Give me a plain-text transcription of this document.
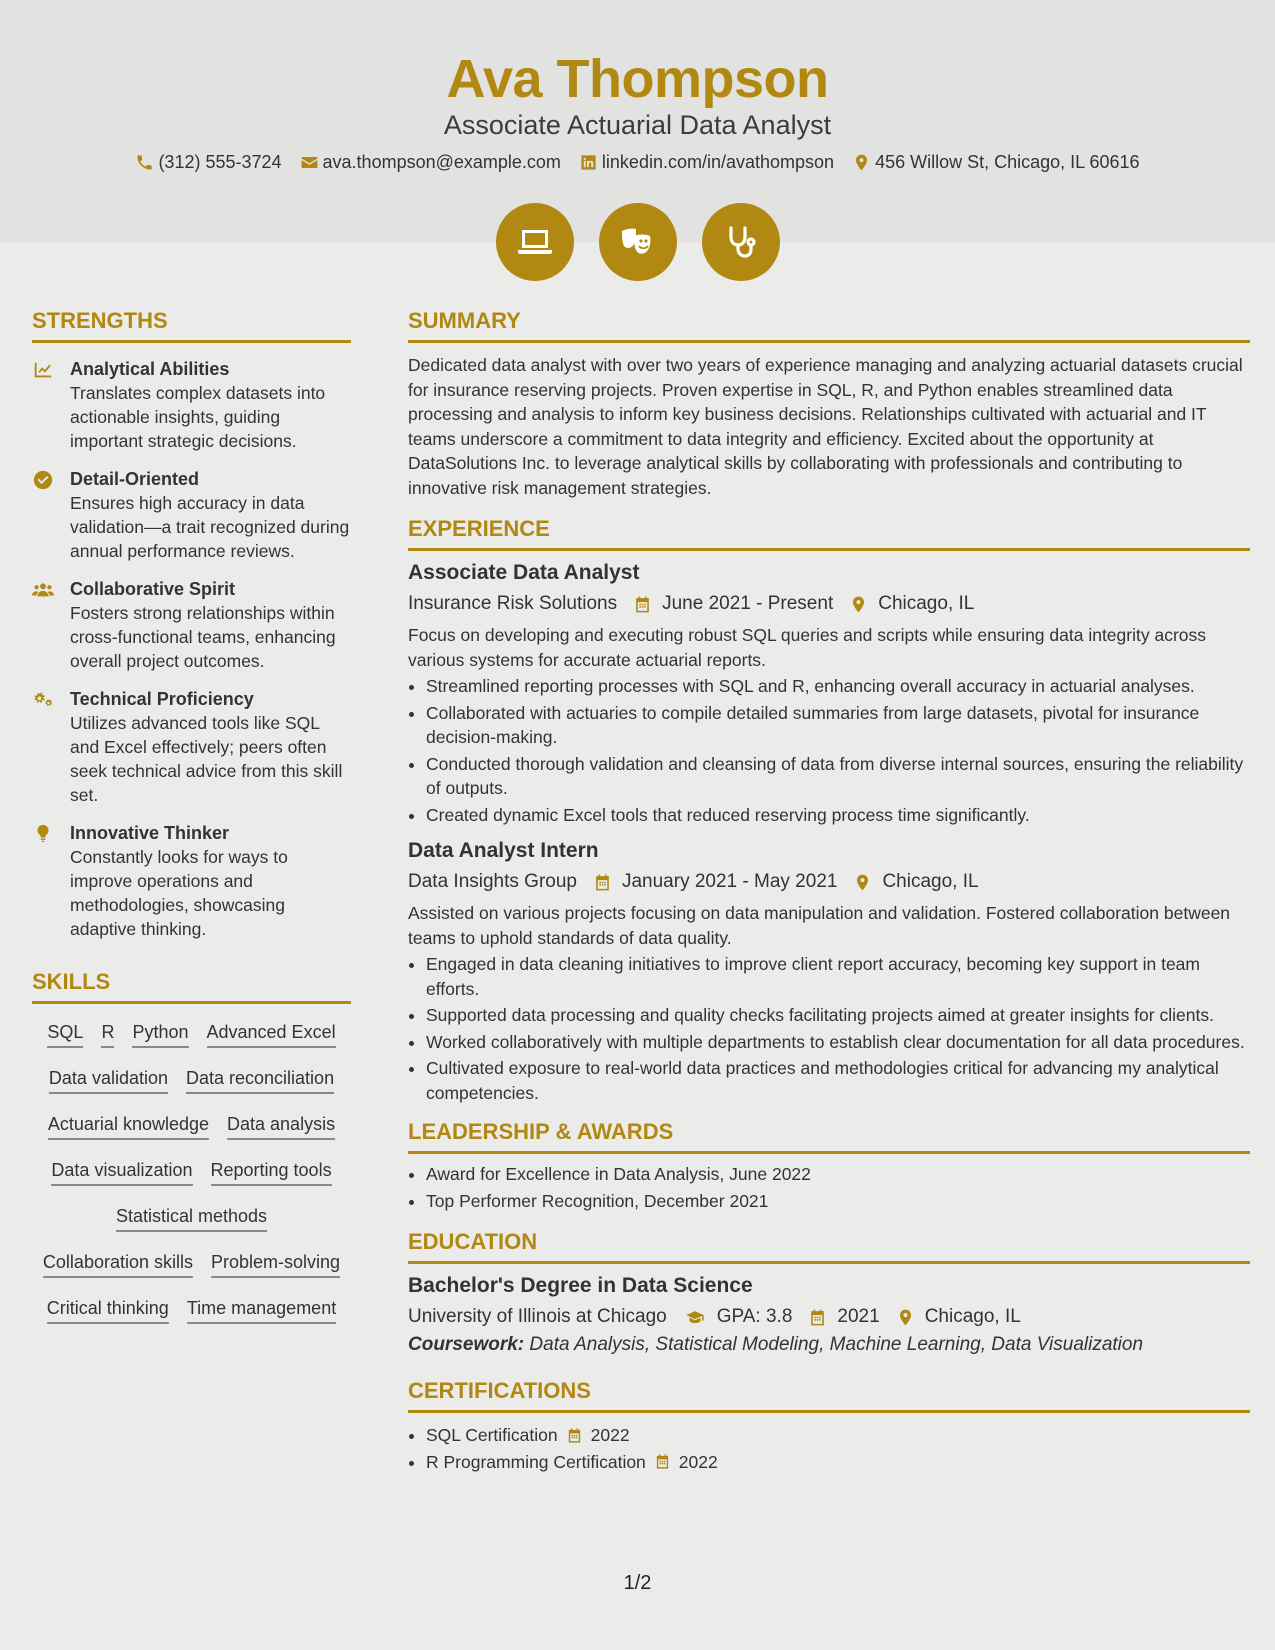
Ava Thompson
Associate Actuarial Data Analyst
(312) 555-3724 ava.thompson@example.com linkedin.com/in/avathompson 456 Willow St, Chicago, IL 60616
STRENGTHS
Analytical Abilities
Translates complex datasets into actionable insights, guiding important strategic decisions.
Detail-Oriented
Ensures high accuracy in data validation—a trait recognized during annual performance reviews.
Collaborative Spirit
Fosters strong relationships within cross-functional teams, enhancing overall project outcomes.
Technical Proficiency
Utilizes advanced tools like SQL and Excel effectively; peers often seek technical advice from this skill set.
Innovative Thinker
Constantly looks for ways to improve operations and methodologies, showcasing adaptive thinking.
SKILLS
SQL R Python Advanced Excel
Data validation Data reconciliation
Actuarial knowledge Data analysis
Data visualization Reporting tools
Statistical methods
Collaboration skills Problem-solving
Critical thinking Time management
SUMMARY
Dedicated data analyst with over two years of experience managing and analyzing actuarial datasets crucial for insurance reserving projects. Proven expertise in SQL, R, and Python enables streamlined data processing and analysis to inform key business decisions. Relationships cultivated with actuarial and IT teams underscore a commitment to data integrity and efficiency. Excited about the opportunity at DataSolutions Inc. to leverage analytical skills by collaborating with professionals and contributing to innovative risk management strategies.
EXPERIENCE
Associate Data Analyst
Insurance Risk Solutions June 2021 - Present Chicago, IL
Focus on developing and executing robust SQL queries and scripts while ensuring data integrity across various systems for accurate actuarial reports.
• Streamlined reporting processes with SQL and R, enhancing overall accuracy in actuarial analyses.
• Collaborated with actuaries to compile detailed summaries from large datasets, pivotal for insurance decision-making.
• Conducted thorough validation and cleansing of data from diverse internal sources, ensuring the reliability of outputs.
• Created dynamic Excel tools that reduced reserving process time significantly.
Data Analyst Intern
Data Insights Group January 2021 - May 2021 Chicago, IL
Assisted on various projects focusing on data manipulation and validation. Fostered collaboration between teams to uphold standards of data quality.
• Engaged in data cleaning initiatives to improve client report accuracy, becoming key support in team efforts.
• Supported data processing and quality checks facilitating projects aimed at greater insights for clients.
• Worked collaboratively with multiple departments to establish clear documentation for all data procedures.
• Cultivated exposure to real-world data practices and methodologies critical for advancing my analytical competencies.
LEADERSHIP & AWARDS
• Award for Excellence in Data Analysis, June 2022
• Top Performer Recognition, December 2021
EDUCATION
Bachelor's Degree in Data Science
University of Illinois at Chicago	GPA: 3.8 2021 Chicago, IL
Coursework: Data Analysis, Statistical Modeling, Machine Learning, Data Visualization
CERTIFICATIONS
• SQL Certification 2022
• R Programming Certification 2022
1/2
